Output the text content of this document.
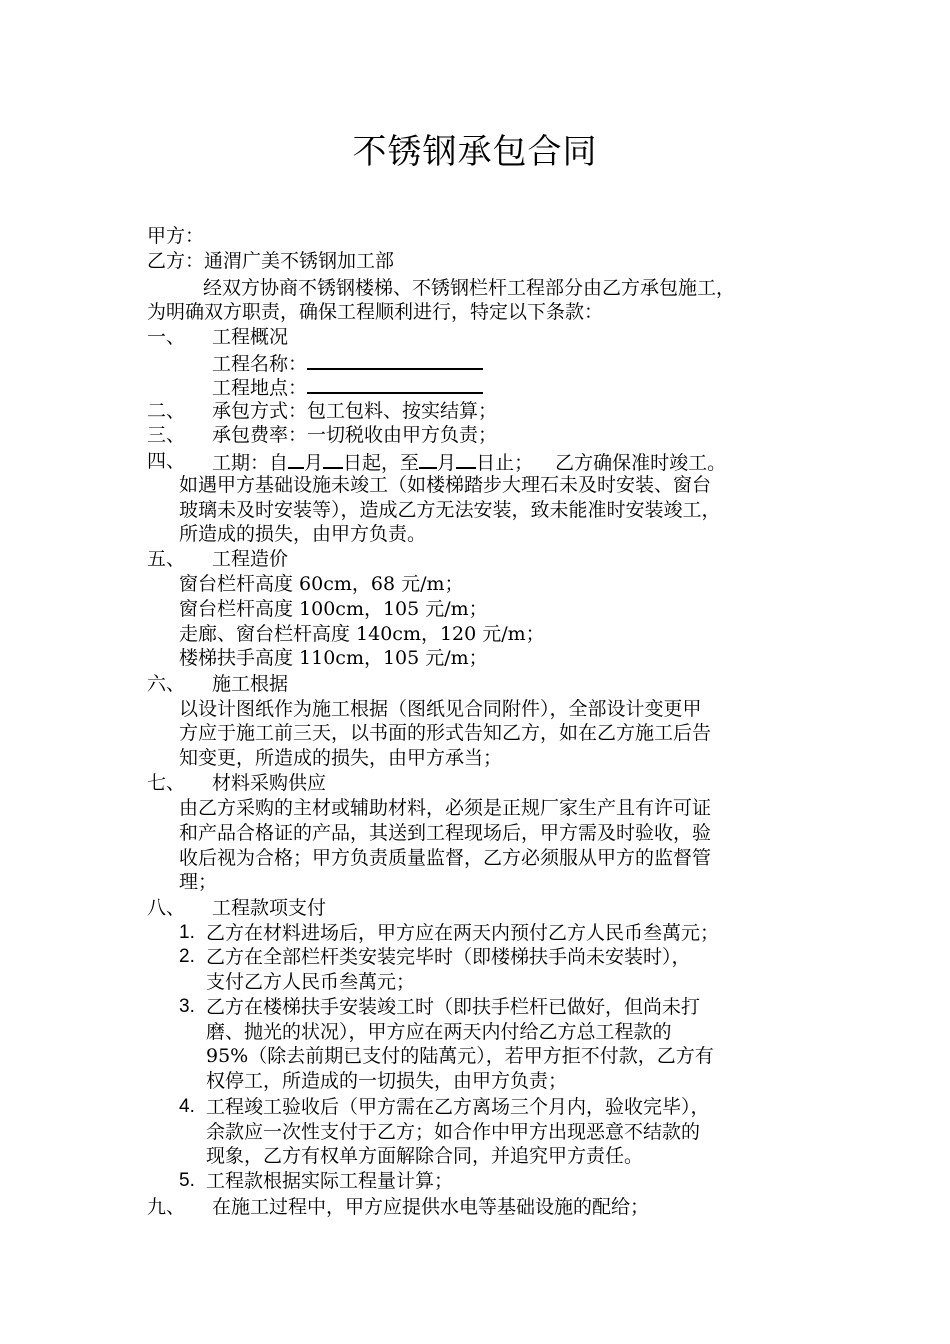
不锈钢承包合同
甲方：
乙方：通渭广美不锈钢加工部
经双方协商不锈钢楼梯、不锈钢栏杆工程部分由乙方承包施工，
为明确双方职责，确保工程顺利进行，特定以下条款：
一、 工程概况
工程名称：
工程地点：
二、 承包方式：包工包料、按实结算；
三、 承包费率：一切税收由甲方负责；
四、 工期：自 月 日起，至 月 日止； 乙方确保准时竣工。
如遇甲方基础设施未竣工（如楼梯踏步大理石未及时安装、窗台
玻璃未及时安装等），造成乙方无法安装，致未能准时安装竣工，
所造成的损失，由甲方负责。
五、 工程造价
窗台栏杆高度 60cm，68 元/m；
窗台栏杆高度 100cm，105 元/m；
走廊、窗台栏杆高度 140cm，120 元/m；
楼梯扶手高度 110cm，105 元/m；
六、 施工根据
以设计图纸作为施工根据（图纸见合同附件），全部设计变更甲
方应于施工前三天，以书面的形式告知乙方，如在乙方施工后告
知变更，所造成的损失，由甲方承当；
七、 材料采购供应
由乙方采购的主材或辅助材料，必须是正规厂家生产且有许可证
和产品合格证的产品，其送到工程现场后，甲方需及时验收，验
收后视为合格；甲方负责质量监督，乙方必须服从甲方的监督管
理；
八、 工程款项支付
1. 乙方在材料进场后，甲方应在两天内预付乙方人民币叁萬元；
2. 乙方在全部栏杆类安装完毕时（即楼梯扶手尚未安装时），
支付乙方人民币叁萬元；
3. 乙方在楼梯扶手安装竣工时（即扶手栏杆已做好，但尚未打
磨、抛光的状况），甲方应在两天内付给乙方总工程款的
95%（除去前期已支付的陆萬元），若甲方拒不付款，乙方有
权停工，所造成的一切损失，由甲方负责；
4. 工程竣工验收后（甲方需在乙方离场三个月内，验收完毕），
余款应一次性支付于乙方；如合作中甲方出现恶意不结款的
现象，乙方有权单方面解除合同，并追究甲方责任。
5. 工程款根据实际工程量计算；
九、 在施工过程中，甲方应提供水电等基础设施的配给；
